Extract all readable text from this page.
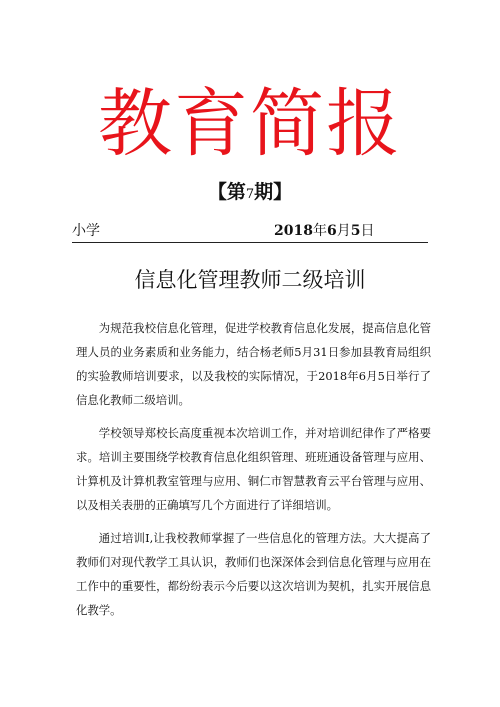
教育简报
【第7期】
小学	2018年6月5日
信息化管理教师二级培训

为规范我校信息化管理，促进学校教育信息化发展，提高信息化管理人员的业务素质和业务能力，结合杨老师5月31日参加县教育局组织的实验教师培训要求，以及我校的实际情况，于2018年6月5日举行了信息化教师二级培训。

学校领导郑校长高度重视本次培训工作，并对培训纪律作了严格要求。培训主要围绕学校教育信息化组织管理、班班通设备管理与应用、计算机及计算机教室管理与应用、铜仁市智慧教育云平台管理与应用、以及相关表册的正确填写几个方面进行了详细培训。

通过培训I,让我校教师掌握了一些信息化的管理方法。大大提高了教师们对现代教学工具认识，教师们也深深体会到信息化管理与应用在工作中的重要性，都纷纷表示今后要以这次培训为契机，扎实开展信息化教学。
